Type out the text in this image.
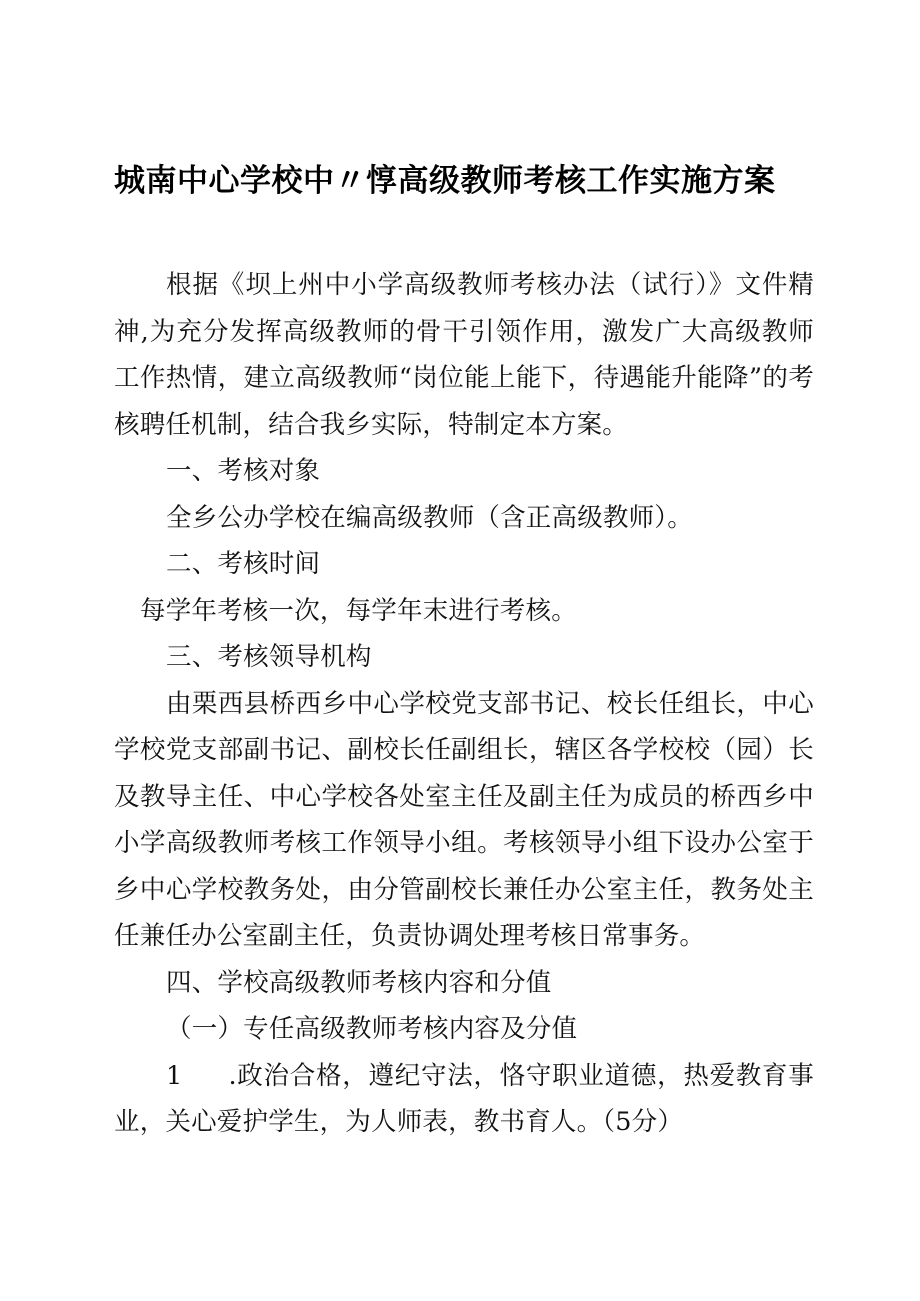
城南中心学校中〃惇高级教师考核工作实施方案

根据《坝上州中小学高级教师考核办法（试行）》文件精神,为充分发挥高级教师的骨干引领作用，激发广大高级教师工作热情，建立高级教师“岗位能上能下，待遇能升能降”的考核聘任机制，结合我乡实际，特制定本方案。

一、考核对象

全乡公办学校在编高级教师（含正高级教师）。

二、考核时间

每学年考核一次，每学年末进行考核。

三、考核领导机构

由栗西县桥西乡中心学校党支部书记、校长任组长，中心学校党支部副书记、副校长任副组长，辖区各学校校（园）长及教导主任、中心学校各处室主任及副主任为成员的桥西乡中小学高级教师考核工作领导小组。考核领导小组下设办公室于乡中心学校教务处，由分管副校长兼任办公室主任，教务处主任兼任办公室副主任，负责协调处理考核日常事务。

四、学校高级教师考核内容和分值

（一）专任高级教师考核内容及分值

1 .政治合格，遵纪守法，恪守职业道德，热爱教育事业，关心爱护学生，为人师表，教书育人。（5分）
